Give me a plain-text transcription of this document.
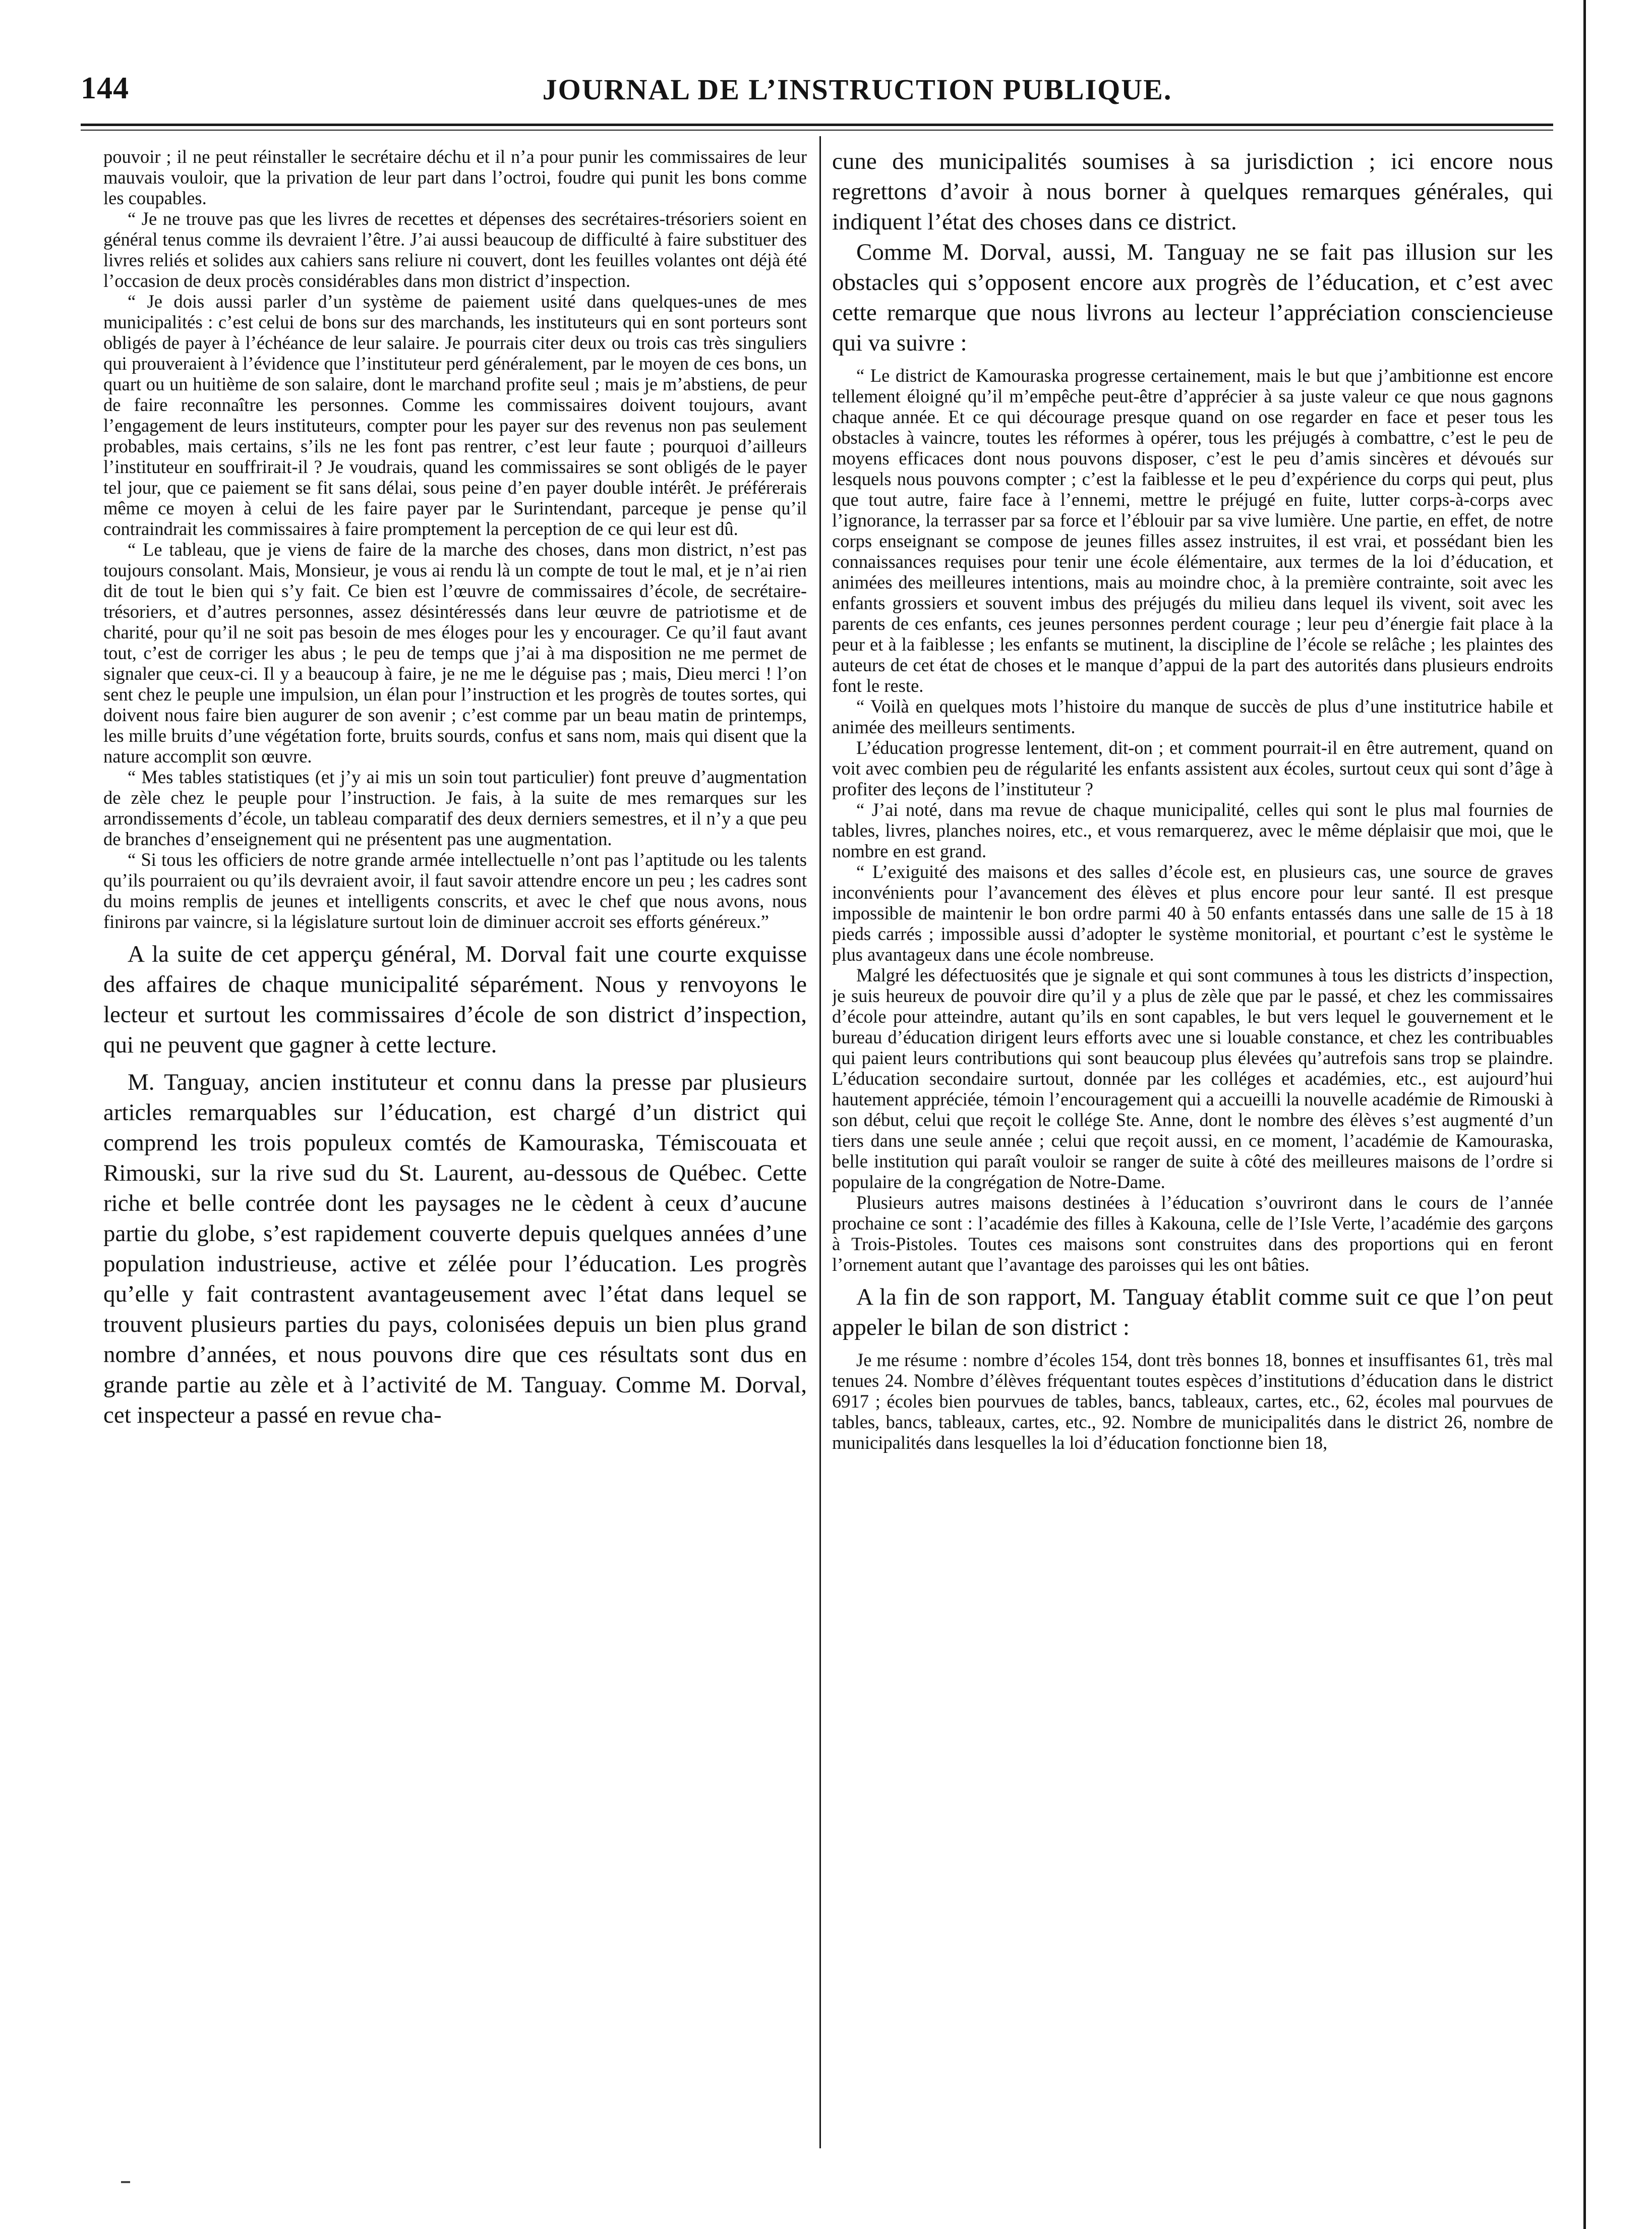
144	JOURNAL DE L’INSTRUCTION PUBLIQUE.

pouvoir ; il ne peut réinstaller le secrétaire déchu et il n’a pour punir les commissaires de leur mauvais vouloir, que la privation de leur part dans l’octroi, foudre qui punit les bons comme les coupables.

“ Je ne trouve pas que les livres de recettes et dépenses des secrétaires-trésoriers soient en général tenus comme ils devraient l’être. J’ai aussi beaucoup de difficulté à faire substituer des livres reliés et solides aux cahiers sans reliure ni couvert, dont les feuilles volantes ont déjà été l’occasion de deux procès considérables dans mon district d’inspection.

“ Je dois aussi parler d’un système de paiement usité dans quelques-unes de mes municipalités : c’est celui de bons sur des marchands, les instituteurs qui en sont porteurs sont obligés de payer à l’échéance de leur salaire. Je pourrais citer deux ou trois cas très singuliers qui prouveraient à l’évidence que l’instituteur perd généralement, par le moyen de ces bons, un quart ou un huitième de son salaire, dont le marchand profite seul ; mais je m’abstiens, de peur de faire reconnaître les personnes. Comme les commissaires doivent toujours, avant l’engagement de leurs instituteurs, compter pour les payer sur des revenus non pas seulement probables, mais certains, s’ils ne les font pas rentrer, c’est leur faute ; pourquoi d’ailleurs l’instituteur en souffrirait-il ? Je voudrais, quand les commissaires se sont obligés de le payer tel jour, que ce paiement se fit sans délai, sous peine d’en payer double intérêt. Je préférerais même ce moyen à celui de les faire payer par le Surintendant, parceque je pense qu’il contraindrait les commissaires à faire promptement la perception de ce qui leur est dû.

“ Le tableau, que je viens de faire de la marche des choses, dans mon district, n’est pas toujours consolant. Mais, Monsieur, je vous ai rendu là un compte de tout le mal, et je n’ai rien dit de tout le bien qui s’y fait. Ce bien est l’œuvre de commissaires d’école, de secrétaire-trésoriers, et d’autres personnes, assez désintéressés dans leur œuvre de patriotisme et de charité, pour qu’il ne soit pas besoin de mes éloges pour les y encourager. Ce qu’il faut avant tout, c’est de corriger les abus ; le peu de temps que j’ai à ma disposition ne me permet de signaler que ceux-ci. Il y a beaucoup à faire, je ne me le déguise pas ; mais, Dieu merci ! l’on sent chez le peuple une impulsion, un élan pour l’instruction et les progrès de toutes sortes, qui doivent nous faire bien augurer de son avenir ; c’est comme par un beau matin de printemps, les mille bruits d’une végétation forte, bruits sourds, confus et sans nom, mais qui disent que la nature accomplit son œuvre.

“ Mes tables statistiques (et j’y ai mis un soin tout particulier) font preuve d’augmentation de zèle chez le peuple pour l’instruction. Je fais, à la suite de mes remarques sur les arrondissements d’école, un tableau comparatif des deux derniers semestres, et il n’y a que peu de branches d’enseignement qui ne présentent pas une augmentation.

“ Si tous les officiers de notre grande armée intellectuelle n’ont pas l’aptitude ou les talents qu’ils pourraient ou qu’ils devraient avoir, il faut savoir attendre encore un peu ; les cadres sont du moins remplis de jeunes et intelligents conscrits, et avec le chef que nous avons, nous finirons par vaincre, si la législature surtout loin de diminuer accroit ses efforts généreux.”

A la suite de cet apperçu général, M. Dorval fait une courte exquisse des affaires de chaque municipalité séparément. Nous y renvoyons le lecteur et surtout les commissaires d’école de son district d’inspection, qui ne peuvent que gagner à cette lecture.

M. Tanguay, ancien instituteur et connu dans la presse par plusieurs articles remarquables sur l’éducation, est chargé d’un district qui comprend les trois populeux comtés de Kamouraska, Témiscouata et Rimouski, sur la rive sud du St. Laurent, au-dessous de Québec. Cette riche et belle contrée dont les paysages ne le cèdent à ceux d’aucune partie du globe, s’est rapidement couverte depuis quelques années d’une population industrieuse, active et zélée pour l’éducation. Les progrès qu’elle y fait contrastent avantageusement avec l’état dans lequel se trouvent plusieurs parties du pays, colonisées depuis un bien plus grand nombre d’années, et nous pouvons dire que ces résultats sont dus en grande partie au zèle et à l’activité de M. Tanguay. Comme M. Dorval, cet inspecteur a passé en revue cha-

cune des municipalités soumises à sa jurisdiction ; ici encore nous regrettons d’avoir à nous borner à quelques remarques générales, qui indiquent l’état des choses dans ce district.

Comme M. Dorval, aussi, M. Tanguay ne se fait pas illusion sur les obstacles qui s’opposent encore aux progrès de l’éducation, et c’est avec cette remarque que nous livrons au lecteur l’appréciation consciencieuse qui va suivre :

“ Le district de Kamouraska progresse certainement, mais le but que j’ambitionne est encore tellement éloigné qu’il m’empêche peut-être d’apprécier à sa juste valeur ce que nous gagnons chaque année. Et ce qui décourage presque quand on ose regarder en face et peser tous les obstacles à vaincre, toutes les réformes à opérer, tous les préjugés à combattre, c’est le peu de moyens efficaces dont nous pouvons disposer, c’est le peu d’amis sincères et dévoués sur lesquels nous pouvons compter ; c’est la faiblesse et le peu d’expérience du corps qui peut, plus que tout autre, faire face à l’ennemi, mettre le préjugé en fuite, lutter corps-à-corps avec l’ignorance, la terrasser par sa force et l’éblouir par sa vive lumière. Une partie, en effet, de notre corps enseignant se compose de jeunes filles assez instruites, il est vrai, et possédant bien les connaissances requises pour tenir une école élémentaire, aux termes de la loi d’éducation, et animées des meilleures intentions, mais au moindre choc, à la première contrainte, soit avec les enfants grossiers et souvent imbus des préjugés du milieu dans lequel ils vivent, soit avec les parents de ces enfants, ces jeunes personnes perdent courage ; leur peu d’énergie fait place à la peur et à la faiblesse ; les enfants se mutinent, la discipline de l’école se relâche ; les plaintes des auteurs de cet état de choses et le manque d’appui de la part des autorités dans plusieurs endroits font le reste.

“ Voilà en quelques mots l’histoire du manque de succès de plus d’une institutrice habile et animée des meilleurs sentiments.

L’éducation progresse lentement, dit-on ; et comment pourrait-il en être autrement, quand on voit avec combien peu de régularité les enfants assistent aux écoles, surtout ceux qui sont d’âge à profiter des leçons de l’instituteur ?

“ J’ai noté, dans ma revue de chaque municipalité, celles qui sont le plus mal fournies de tables, livres, planches noires, etc., et vous remarquerez, avec le même déplaisir que moi, que le nombre en est grand.

“ L’exiguité des maisons et des salles d’école est, en plusieurs cas, une source de graves inconvénients pour l’avancement des élèves et plus encore pour leur santé. Il est presque impossible de maintenir le bon ordre parmi 40 à 50 enfants entassés dans une salle de 15 à 18 pieds carrés ; impossible aussi d’adopter le système monitorial, et pourtant c’est le système le plus avantageux dans une école nombreuse.

Malgré les défectuosités que je signale et qui sont communes à tous les districts d’inspection, je suis heureux de pouvoir dire qu’il y a plus de zèle que par le passé, et chez les commissaires d’école pour atteindre, autant qu’ils en sont capables, le but vers lequel le gouvernement et le bureau d’éducation dirigent leurs efforts avec une si louable constance, et chez les contribuables qui paient leurs contributions qui sont beaucoup plus élevées qu’autrefois sans trop se plaindre. L’éducation secondaire surtout, donnée par les colléges et académies, etc., est aujourd’hui hautement appréciée, témoin l’encouragement qui a accueilli la nouvelle académie de Rimouski à son début, celui que reçoit le collége Ste. Anne, dont le nombre des élèves s’est augmenté d’un tiers dans une seule année ; celui que reçoit aussi, en ce moment, l’académie de Kamouraska, belle institution qui paraît vouloir se ranger de suite à côté des meilleures maisons de l’ordre si populaire de la congrégation de Notre-Dame.

Plusieurs autres maisons destinées à l’éducation s’ouvriront dans le cours de l’année prochaine ce sont : l’académie des filles à Kakouna, celle de l’Isle Verte, l’académie des garçons à Trois-Pistoles. Toutes ces maisons sont construites dans des proportions qui en feront l’ornement autant que l’avantage des paroisses qui les ont bâties.

A la fin de son rapport, M. Tanguay établit comme suit ce que l’on peut appeler le bilan de son district :

Je me résume : nombre d’écoles 154, dont très bonnes 18, bonnes et insuffisantes 61, très mal tenues 24. Nombre d’élèves fréquentant toutes espèces d’institutions d’éducation dans le district 6917 ; écoles bien pourvues de tables, bancs, tableaux, cartes, etc., 62, écoles mal pourvues de tables, bancs, tableaux, cartes, etc., 92. Nombre de municipalités dans le district 26, nombre de municipalités dans lesquelles la loi d’éducation fonctionne bien 18,
